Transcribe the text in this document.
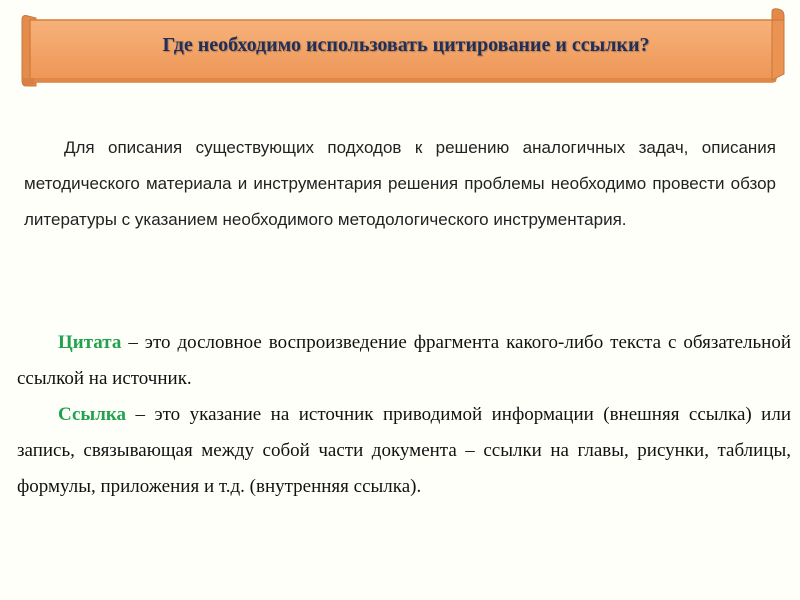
Где необходимо использовать цитирование и ссылки?

Для описания существующих подходов к решению аналогичных задач, описания методического материала и инструментария решения проблемы необходимо провести обзор литературы с указанием необходимого методологического инструментария.

Цитата – это дословное воспроизведение фрагмента какого-либо текста с обязательной ссылкой на источник.

Ссылка – это указание на источник приводимой информации (внешняя ссылка) или запись, связывающая между собой части документа – ссылки на главы, рисунки, таблицы, формулы, приложения и т.д. (внутренняя ссылка).
